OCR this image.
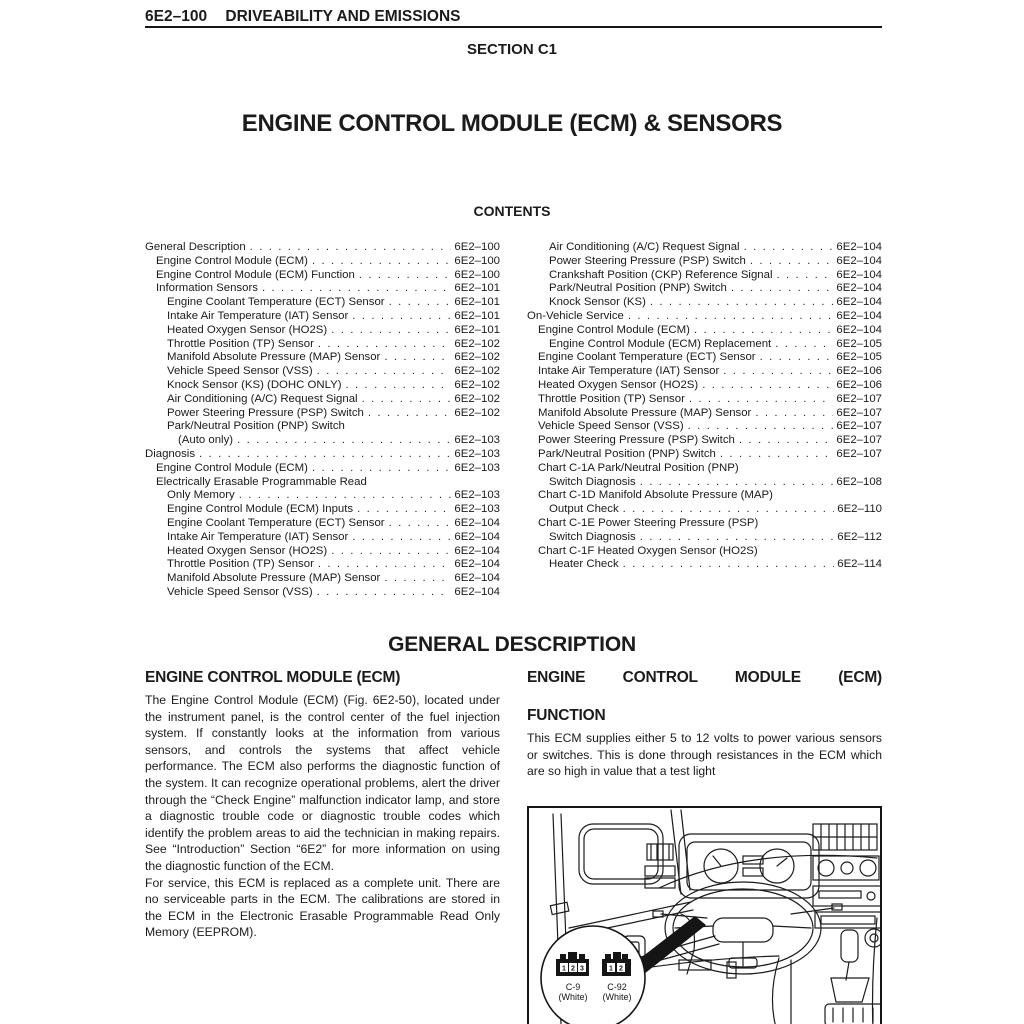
6E2–100 DRIVEABILITY AND EMISSIONS
SECTION C1
ENGINE CONTROL MODULE (ECM) & SENSORS
CONTENTS
General Description . . .	6E2–100
Engine Control Module (ECM) . . .	6E2–100
Engine Control Module (ECM) Function . . .	6E2–100
Information Sensors . . .	6E2–101
Engine Coolant Temperature (ECT) Sensor . . .	6E2–101
Intake Air Temperature (IAT) Sensor . . .	6E2–101
Heated Oxygen Sensor (HO2S) . . .	6E2–101
Throttle Position (TP) Sensor . . .	6E2–102
Manifold Absolute Pressure (MAP) Sensor . . .	6E2–102
Vehicle Speed Sensor (VSS) . . .	6E2–102
Knock Sensor (KS) (DOHC ONLY) . . .	6E2–102
Air Conditioning (A/C) Request Signal . . .	6E2–102
Power Steering Pressure (PSP) Switch . . .	6E2–102
Park/Neutral Position (PNP) Switch
(Auto only) . . .	6E2–103
Diagnosis . . .	6E2–103
Engine Control Module (ECM) . . .	6E2–103
Electrically Erasable Programmable Read
Only Memory . . .	6E2–103
Engine Control Module (ECM) Inputs . . .	6E2–103
Engine Coolant Temperature (ECT) Sensor . . .	6E2–104
Intake Air Temperature (IAT) Sensor . . .	6E2–104
Heated Oxygen Sensor (HO2S) . . .	6E2–104
Throttle Position (TP) Sensor . . .	6E2–104
Manifold Absolute Pressure (MAP) Sensor . . .	6E2–104
Vehicle Speed Sensor (VSS) . . .	6E2–104
Air Conditioning (A/C) Request Signal . . .	6E2–104
Power Steering Pressure (PSP) Switch . . .	6E2–104
Crankshaft Position (CKP) Reference Signal . . .	6E2–104
Park/Neutral Position (PNP) Switch . . .	6E2–104
Knock Sensor (KS) . . .	6E2–104
On-Vehicle Service . . .	6E2–104
Engine Control Module (ECM) . . .	6E2–104
Engine Control Module (ECM) Replacement . . .	6E2–105
Engine Coolant Temperature (ECT) Sensor . . .	6E2–105
Intake Air Temperature (IAT) Sensor . . .	6E2–106
Heated Oxygen Sensor (HO2S) . . .	6E2–106
Throttle Position (TP) Sensor . . .	6E2–107
Manifold Absolute Pressure (MAP) Sensor . . .	6E2–107
Vehicle Speed Sensor (VSS) . . .	6E2–107
Power Steering Pressure (PSP) Switch . . .	6E2–107
Park/Neutral Position (PNP) Switch . . .	6E2–107
Chart C-1A Park/Neutral Position (PNP)
Switch Diagnosis . . .	6E2–108
Chart C-1D Manifold Absolute Pressure (MAP)
Output Check . . .	6E2–110
Chart C-1E Power Steering Pressure (PSP)
Switch Diagnosis . . .	6E2–112
Chart C-1F Heated Oxygen Sensor (HO2S)
Heater Check . . .	6E2–114
GENERAL DESCRIPTION
ENGINE CONTROL MODULE (ECM)

The Engine Control Module (ECM) (Fig. 6E2-50), located under the instrument panel, is the control center of the fuel injection system. If constantly looks at the information from various sensors, and controls the systems that affect vehicle performance. The ECM also performs the diagnostic function of the system. It can recognize operational problems, alert the driver through the “Check Engine” malfunction indicator lamp, and store a diagnostic trouble code or diagnostic trouble codes which identify the problem areas to aid the technician in making repairs. See “Introduction” Section “6E2” for more information on using the diagnostic function of the ECM.

For service, this ECM is replaced as a complete unit. There are no serviceable parts in the ECM. The calibrations are stored in the ECM in the Electronic Erasable Programmable Read Only Memory (EEPROM).

ENGINE CONTROL MODULE (ECM)
FUNCTION

This ECM supplies either 5 to 12 volts to power various sensors or switches. This is done through resistances in the ECM which are so high in value that a test light

1 2 3
C-9
(White)
1 2
C-92
(White)
